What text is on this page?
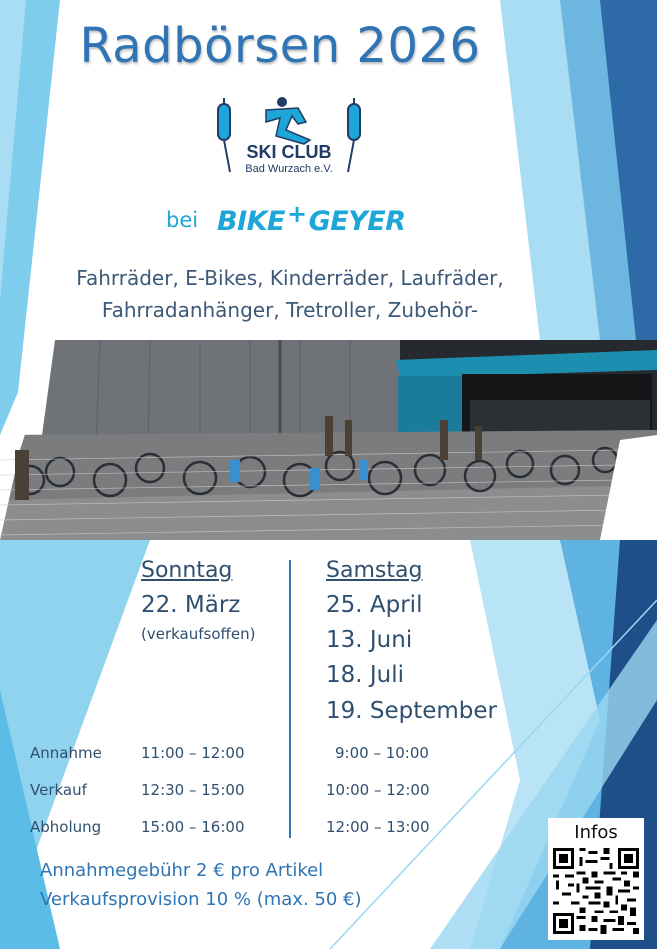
Radbörsen 2026
SKI CLUB
Bad Wurzach e.V.
bei BIKE+GEYER
Fahrräder, E-Bikes, Kinderräder, Laufräder,
Fahrradanhänger, Tretroller, Zubehör-
Sonntag
22. März
(verkaufsoffen)
Samstag
25. April
13. Juni
18. Juli
19. September
Annahme	11:00 – 12:00	9:00 – 10:00
Verkauf	12:30 – 15:00	10:00 – 12:00
Abholung	15:00 – 16:00	12:00 – 13:00
Annahmegebühr 2 € pro Artikel
Verkaufsprovision 10 % (max. 50 €)
Infos
